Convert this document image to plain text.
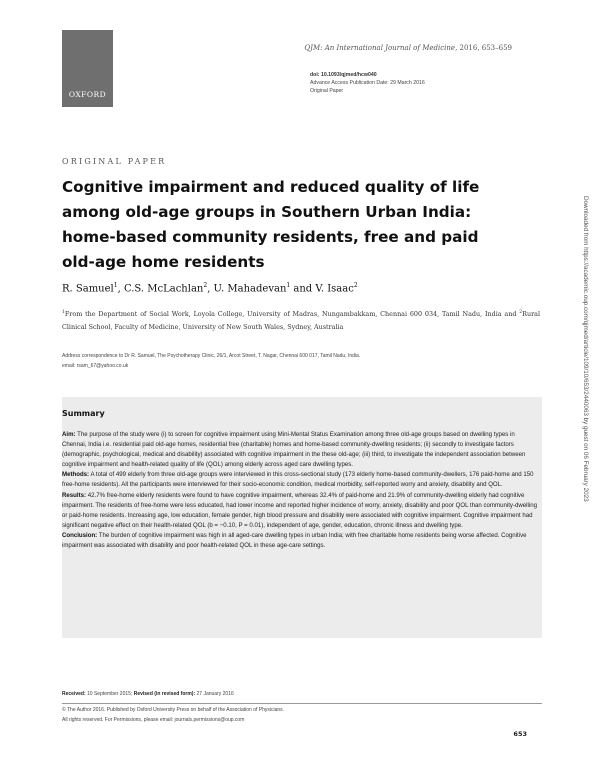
OXFORD
QJM: An International Journal of Medicine, 2016, 653–659
doi: 10.1093/qjmed/hcw040
Advance Access Publication Date: 29 March 2016
Original Paper
ORIGINAL PAPER
Cognitive impairment and reduced quality of life
among old-age groups in Southern Urban India:
home-based community residents, free and paid
old-age home residents
R. Samuel$^1$, C.S. McLachlan$^2$, U. Mahadevan$^1$ and V. Isaac$^2$
$^1$From the Department of Social Work, Loyola College, University of Madras, Nungambakkam, Chennai 600 034, Tamil Nadu, India and $^2$Rural Clinical School, Faculty of Medicine, University of New South Wales, Sydney, Australia
Address correspondence to Dr R. Samuel, The Psychotherapy Clinic, 26/1, Arcot Street, T. Nagar, Chennai 600 017, Tamil Nadu, India.
email: rsam_67@yahoo.co.uk
Summary

Aim: The purpose of the study were (i) to screen for cognitive impairment using Mini-Mental Status Examination among three old-age groups based on dwelling types in Chennai, India i.e. residential paid old-age homes, residential free (charitable) homes and home-based community-dwelling residents; (ii) secondly to investigate factors (demographic, psychological, medical and disability) associated with cognitive impairment in the these old-age; (iii) third, to investigate the independent association between cognitive impairment and health-related quality of life (QOL) among elderly across aged care dwelling types.

Methods: A total of 499 elderly from three old-age groups were interviewed in this cross-sectional study (173 elderly home-based community-dwellers, 176 paid-home and 150 free-home residents). All the participants were interviewed for their socio-economic condition, medical morbidity, self-reported worry and anxiety, disability and QOL.

Results: 42.7% free-home elderly residents were found to have cognitive impairment, whereas 32.4% of paid-home and 21.9% of community-dwelling elderly had cognitive impairment. The residents of free-home were less educated, had lower income and reported higher incidence of worry, anxiety, disability and poor QOL than community-dwelling or paid-home residents. Increasing age, low education, female gender, high blood pressure and disability were associated with cognitive impairment. Cognitive impairment had significant negative effect on their health-related QOL (b = −0.10, P = 0.01), independent of age, gender, education, chronic illness and dwelling type.

Conclusion: The burden of cognitive impairment was high in all aged-care dwelling types in urban India; with free charitable home residents being worse affected. Cognitive impairment was associated with disability and poor health-related QOL in these age-care settings.

Received: 10 September 2015; Revised (in revised form): 27 January 2016
© The Author 2016. Published by Oxford University Press on behalf of the Association of Physicians.
All rights reserved. For Permissions, please email: journals.permissions@oup.com
653
Downloaded from https://academic.oup.com/qjmed/article/109/10/653/2440063 by guest on 06 February 2023
